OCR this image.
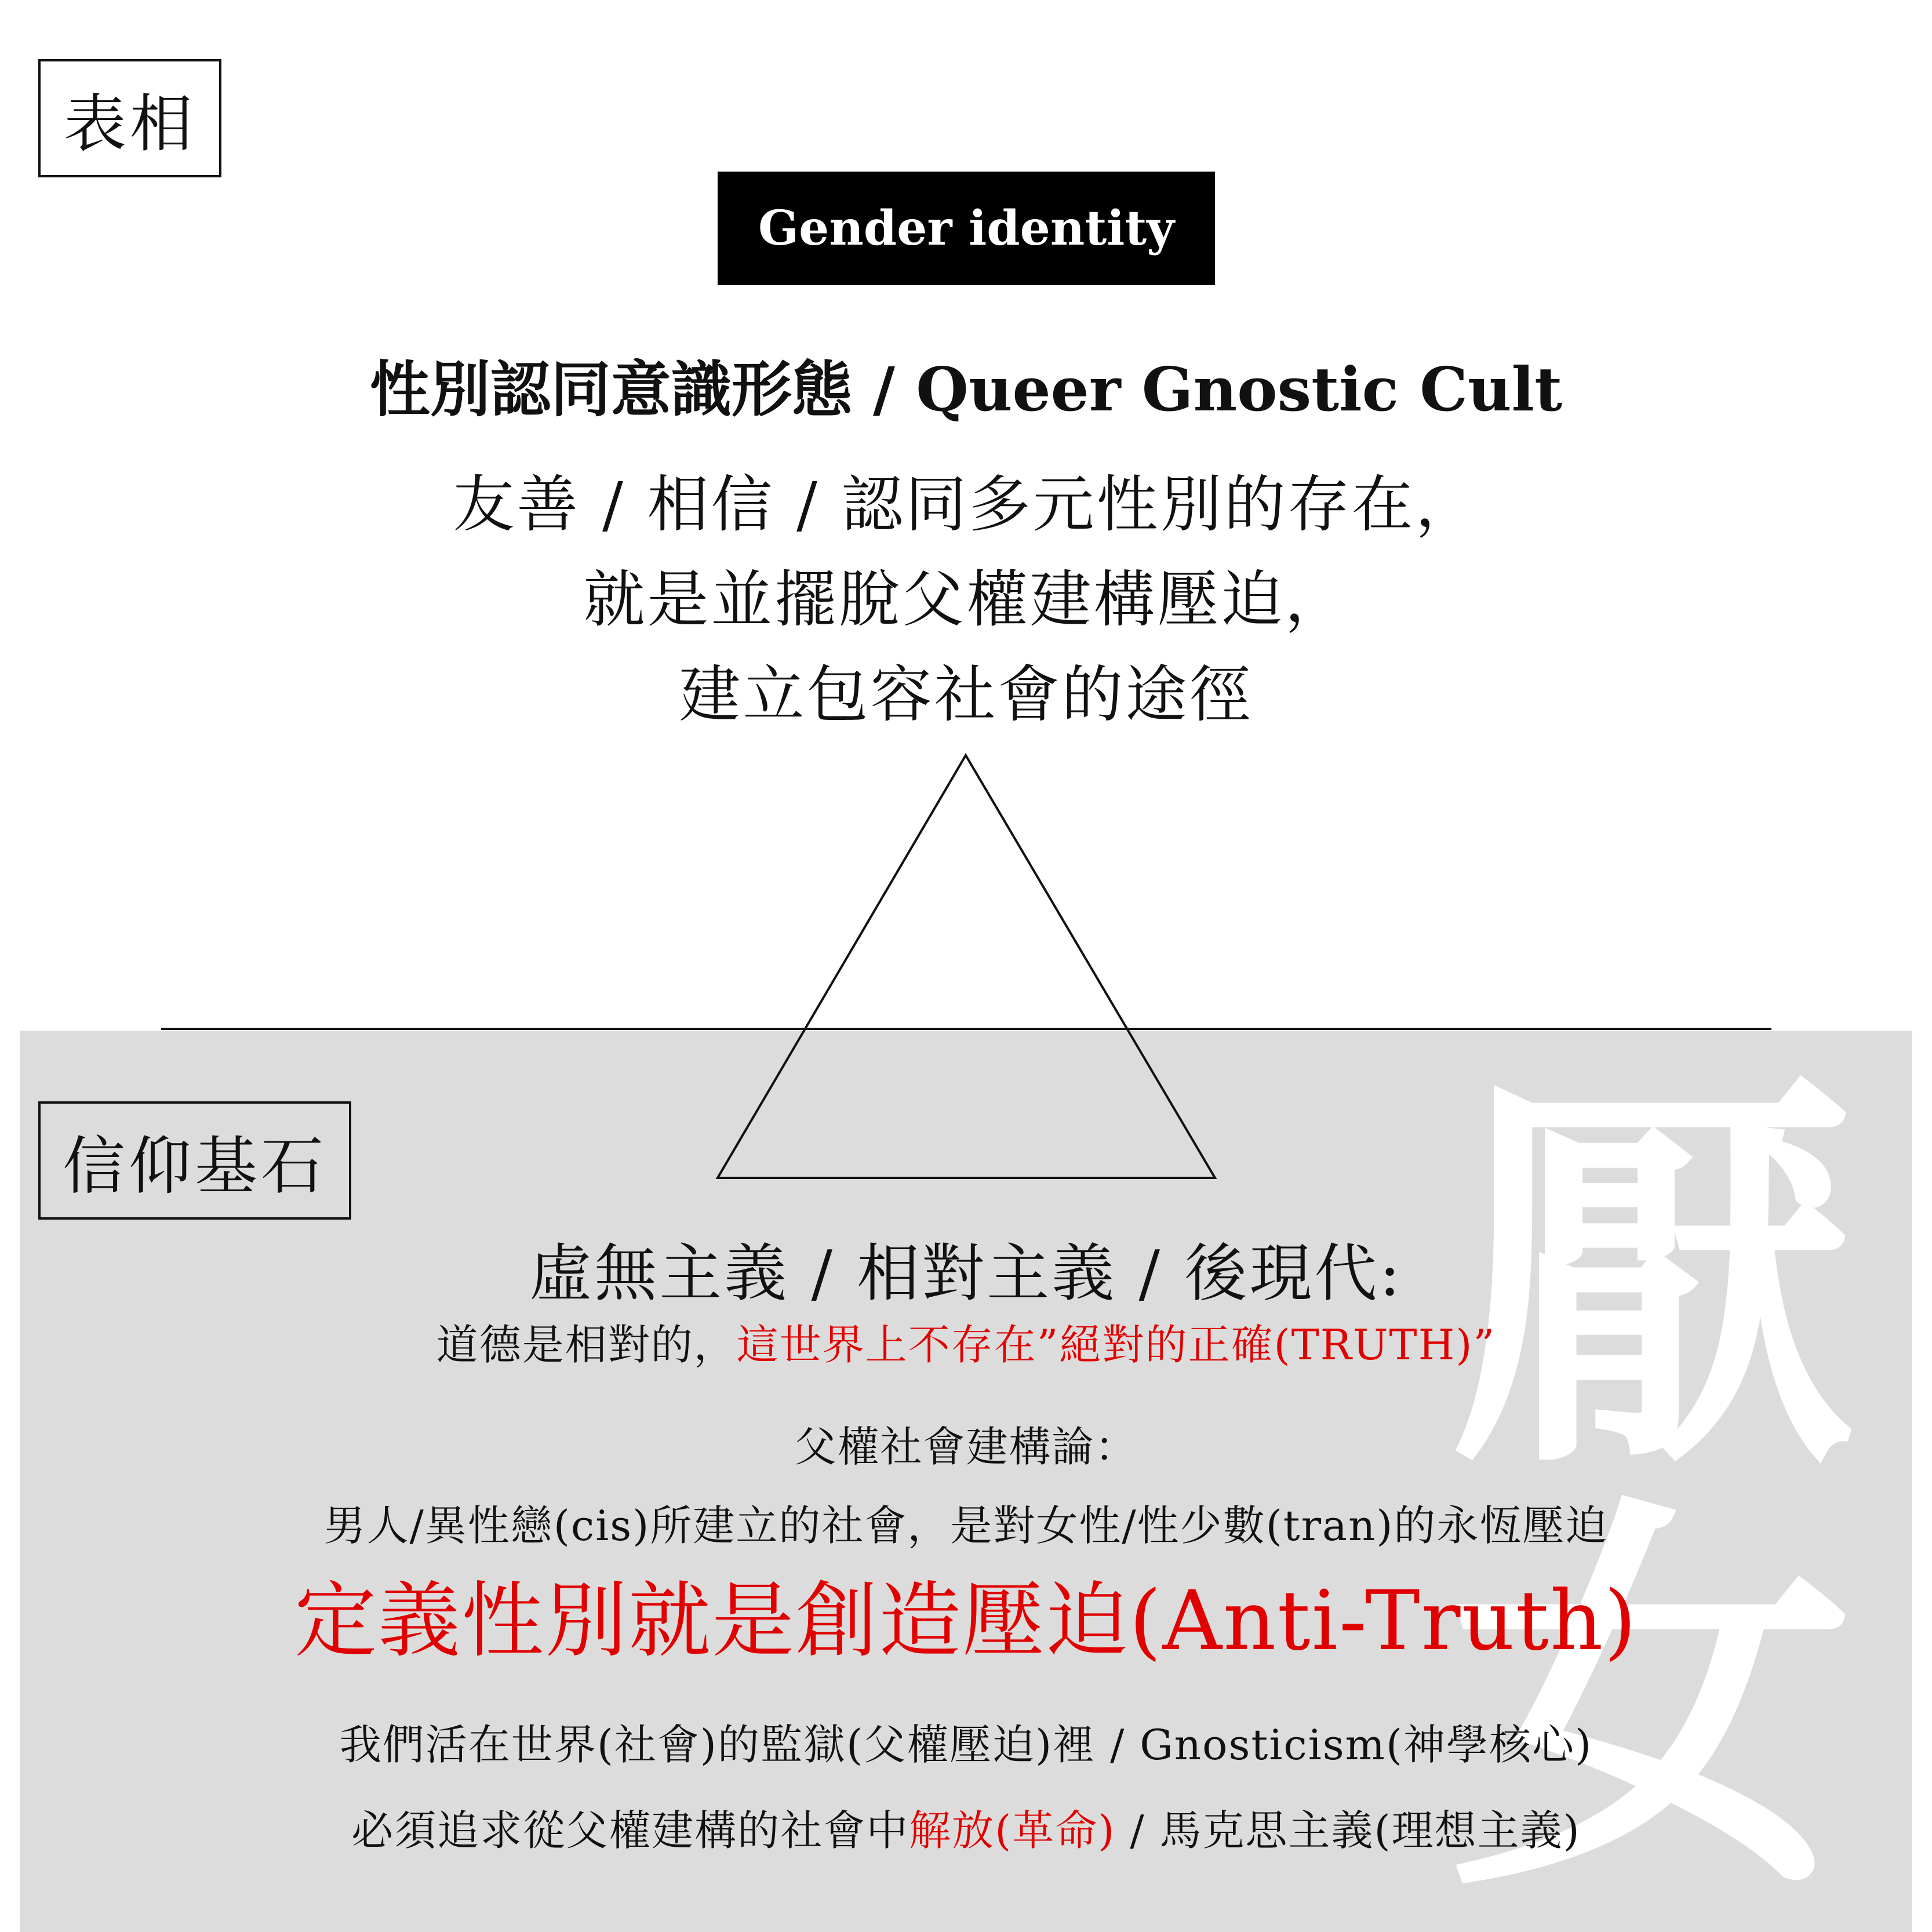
厭
女
表相
Gender identity
性別認同意識形態 / Queer Gnostic Cult
友善 / 相信 / 認同多元性別的存在，
就是並擺脫父權建構壓迫，
建立包容社會的途徑
信仰基石
虛無主義 / 相對主義 / 後現代:
道德是相對的，這世界上不存在”絕對的正確(TRUTH)”
父權社會建構論：
男人/異性戀(cis)所建立的社會，是對女性/性少數(tran)的永恆壓迫
定義性別就是創造壓迫(Anti-Truth)
我們活在世界(社會)的監獄(父權壓迫)裡 / Gnosticism(神學核心)
必須追求從父權建構的社會中解放(革命) / 馬克思主義(理想主義)
